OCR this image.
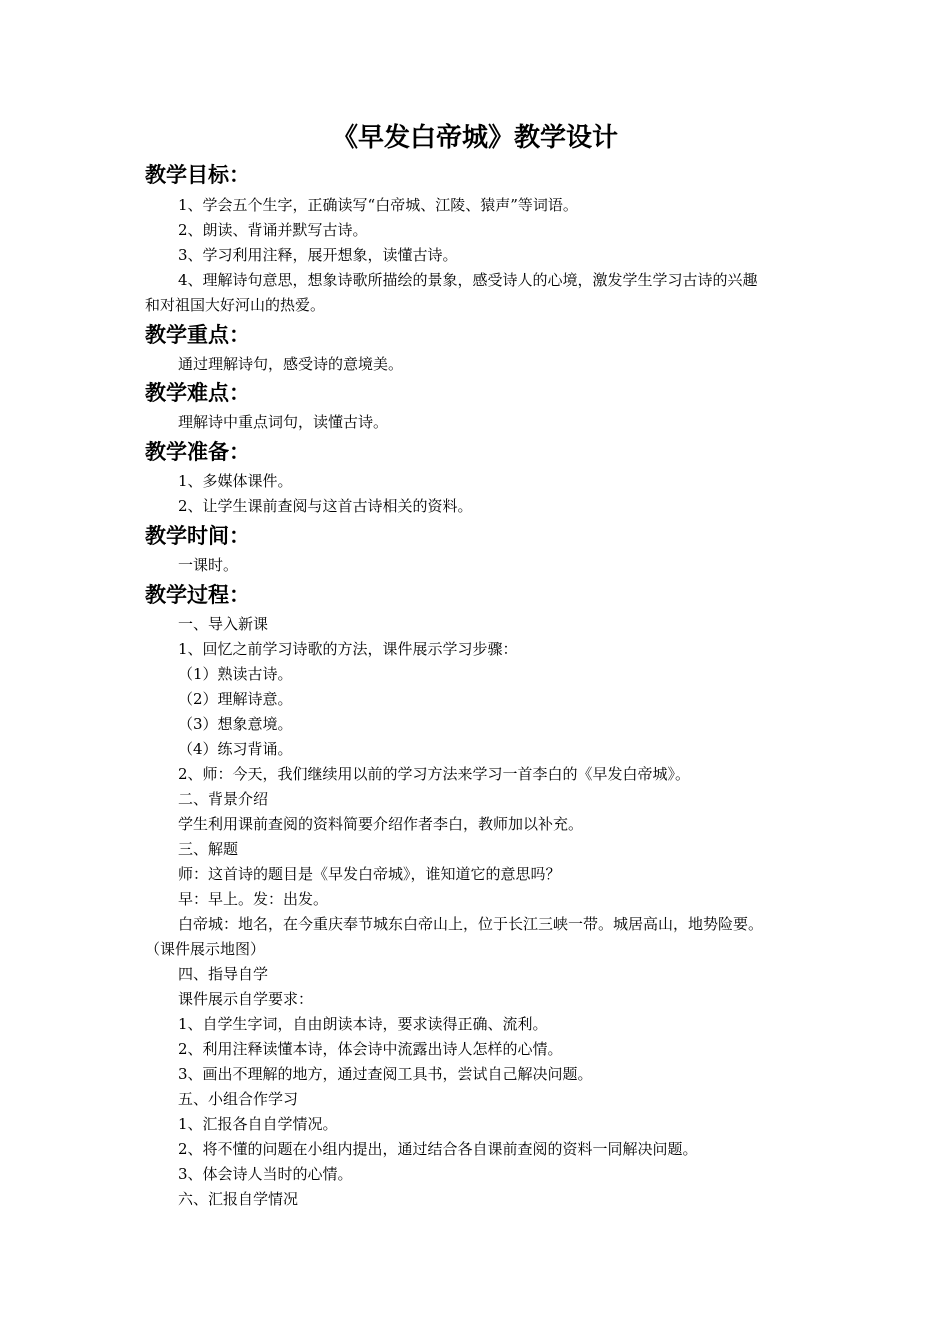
《早发白帝城》教学设计
教学目标：
1、学会五个生字，正确读写“白帝城、江陵、猿声”等词语。
2、朗读、背诵并默写古诗。
3、学习利用注释，展开想象，读懂古诗。
4、理解诗句意思，想象诗歌所描绘的景象，感受诗人的心境，激发学生学习古诗的兴趣
和对祖国大好河山的热爱。
教学重点：
通过理解诗句，感受诗的意境美。
教学难点：
理解诗中重点词句，读懂古诗。
教学准备：
1、多媒体课件。
2、让学生课前查阅与这首古诗相关的资料。
教学时间：
一课时。
教学过程：
一、导入新课
1、回忆之前学习诗歌的方法，课件展示学习步骤：
（1）熟读古诗。
（2）理解诗意。
（3）想象意境。
（4）练习背诵。
2、师：今天，我们继续用以前的学习方法来学习一首李白的《早发白帝城》。
二、背景介绍
学生利用课前查阅的资料简要介绍作者李白，教师加以补充。
三、解题
师：这首诗的题目是《早发白帝城》，谁知道它的意思吗？
早：早上。发：出发。
白帝城：地名，在今重庆奉节城东白帝山上，位于长江三峡一带。城居高山，地势险要。
（课件展示地图）
四、指导自学
课件展示自学要求：
1、自学生字词，自由朗读本诗，要求读得正确、流利。
2、利用注释读懂本诗，体会诗中流露出诗人怎样的心情。
3、画出不理解的地方，通过查阅工具书，尝试自己解决问题。
五、小组合作学习
1、汇报各自自学情况。
2、将不懂的问题在小组内提出，通过结合各自课前查阅的资料一同解决问题。
3、体会诗人当时的心情。
六、汇报自学情况
